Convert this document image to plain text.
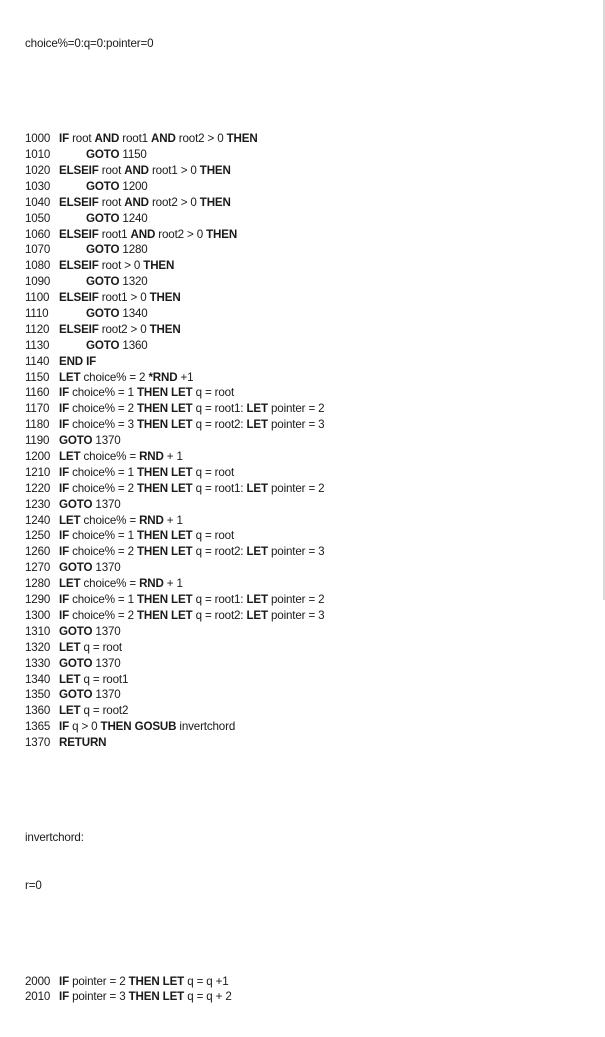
choice%=0:q=0:pointer=0

1000 IF root AND root1 AND root2 > 0 THEN
1010	GOTO 1150
1020 ELSEIF root AND root1 > 0 THEN
1030	GOTO 1200
1040 ELSEIF root AND root2 > 0 THEN
1050	GOTO 1240
1060 ELSEIF root1 AND root2 > 0 THEN
1070	GOTO 1280
1080 ELSEIF root > 0 THEN
1090	GOTO 1320
1100 ELSEIF root1 > 0 THEN
1110	GOTO 1340
1120 ELSEIF root2 > 0 THEN
1130	GOTO 1360
1140 END IF
1150 LET choice% = 2 *RND +1
1160 IF choice% = 1 THEN LET q = root
1170 IF choice% = 2 THEN LET q = root1: LET pointer = 2
1180 IF choice% = 3 THEN LET q = root2: LET pointer = 3
1190 GOTO 1370
1200 LET choice% = RND + 1
1210 IF choice% = 1 THEN LET q = root
1220 IF choice% = 2 THEN LET q = root1: LET pointer = 2
1230 GOTO 1370
1240 LET choice% = RND + 1
1250 IF choice% = 1 THEN LET q = root
1260 IF choice% = 2 THEN LET q = root2: LET pointer = 3
1270 GOTO 1370
1280 LET choice% = RND + 1
1290 IF choice% = 1 THEN LET q = root1: LET pointer = 2
1300 IF choice% = 2 THEN LET q = root2: LET pointer = 3
1310 GOTO 1370
1320 LET q = root
1330 GOTO 1370
1340 LET q = root1
1350 GOTO 1370
1360 LET q = root2
1365 IF q > 0 THEN GOSUB invertchord
1370 RETURN

invertchord:

r=0

2000 IF pointer = 2 THEN LET q = q +1
2010 IF pointer = 3 THEN LET q = q + 2
